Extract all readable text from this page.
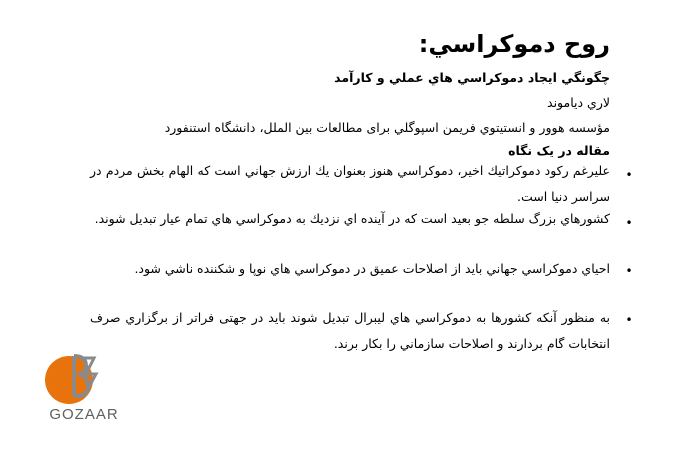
روح دموکراسي:
چگونگي ايجاد دموكراسي هاي عملي و كارآمد
لاري دياموند
مؤسسه هوور و انستيتوي فريمن اسپوگلي براى مطالعات بين الملل، دانشگاه استنفورد
مقاله در يک نگاه
•
عليرغم ركود دموكراتيك اخير، دموكراسي هنوز بعنوان يك ارزش جهاني است كه الهام بخش مردم در سراسر دنيا است.
•
كشورهاي بزرگ سلطه جو بعيد است كه در آينده اي نزديك به دموكراسي هاي تمام عيار تبديل شوند.
•
احياي دموكراسي جهاني بايد از اصلاحات عميق در دموكراسي هاي نوپا و شكننده ناشي شود.
•
به منظور آنكه كشورها به دموكراسي هاي ليبرال تبديل شوند بايد در جهتى فراتر از برگزاري صرف انتخابات گام بردارند و اصلاحات سازماني را بكار برند.
GOZAAR
